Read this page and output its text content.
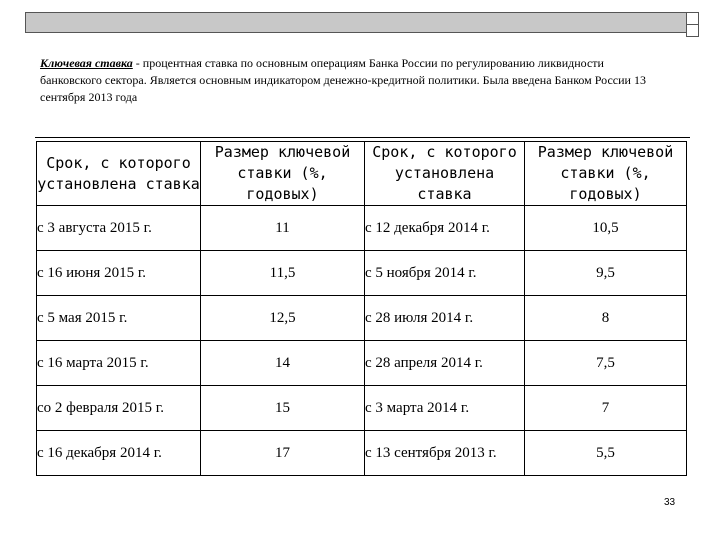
Ключевая ставка - процентная ставка по основным операциям Банка России по регулированию ликвидности банковского сектора. Является основным индикатором денежно-кредитной политики. Была введена Банком России 13 сентября 2013 года
Срок, с которого установлена ставка	Размер ключевой ставки (%, годовых)	Срок, с которого установлена ставка	Размер ключевой ставки (%, годовых)
с 3 августа 2015 г.	11	с 12 декабря 2014 г.	10,5
с 16 июня 2015 г.	11,5	с 5 ноября 2014 г.	9,5
с 5 мая 2015 г.	12,5	с 28 июля 2014 г.	8
с 16 марта 2015 г.	14	с 28 апреля 2014 г.	7,5
со 2 февраля 2015 г.	15	с 3 марта 2014 г.	7
с 16 декабря 2014 г.	17	с 13 сентября 2013 г.	5,5
33
